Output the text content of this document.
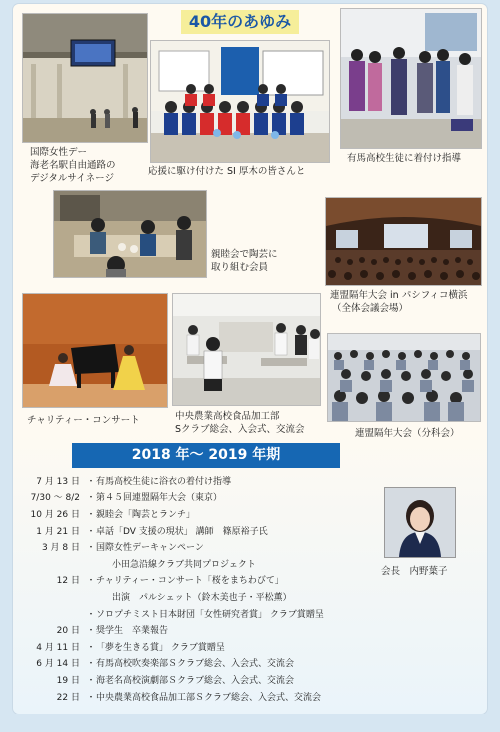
40年のあゆみ
国際女性デー
海老名駅自由通路の
デジタルサイネージ
応援に駆け付けた SI 厚木の皆さんと
有馬高校生徒に着付け指導
親睦会で陶芸に
取り組む会員
連盟隔年大会 in パシフィコ横浜
（全体会議会場）
チャリティー・コンサート	中央農業高校食品加工部
Sクラブ総会、入会式、交流会	連盟隔年大会（分科会）
2018 年～ 2019 年期
7 月 13 日 ・ 有馬高校生徒に浴衣の着付け指導
7/30 ～ 8/2 ・ 第４５回連盟隔年大会（東京）
10 月 26 日 ・ 親睦会「陶芸とランチ」
1 月 21 日 ・ 卓話「DV 支援の現状」 講師　篠原裕子氏
3 月 8 日 ・ 国際女性デーキャンペーン
小田急沿線クラブ共同プロジェクト
12 日 ・ チャリティー・コンサート「桜をまちわびて」
出演　パルシェット（鈴木美也子・平松薫）
・ ソロプチミスト日本財団「女性研究者賞」 クラブ賞贈呈
20 日 ・ 奨学生　卒業報告
4 月 11 日 ・ 「夢を生きる賞」 クラブ賞贈呈
6 月 14 日 ・ 有馬高校吹奏楽部Ｓクラブ総会、入会式、交流会
19 日 ・ 海老名高校演劇部Ｓクラブ総会、入会式、交流会
22 日 ・ 中央農業高校食品加工部Ｓクラブ総会、入会式、交流会
会長　内野葉子
